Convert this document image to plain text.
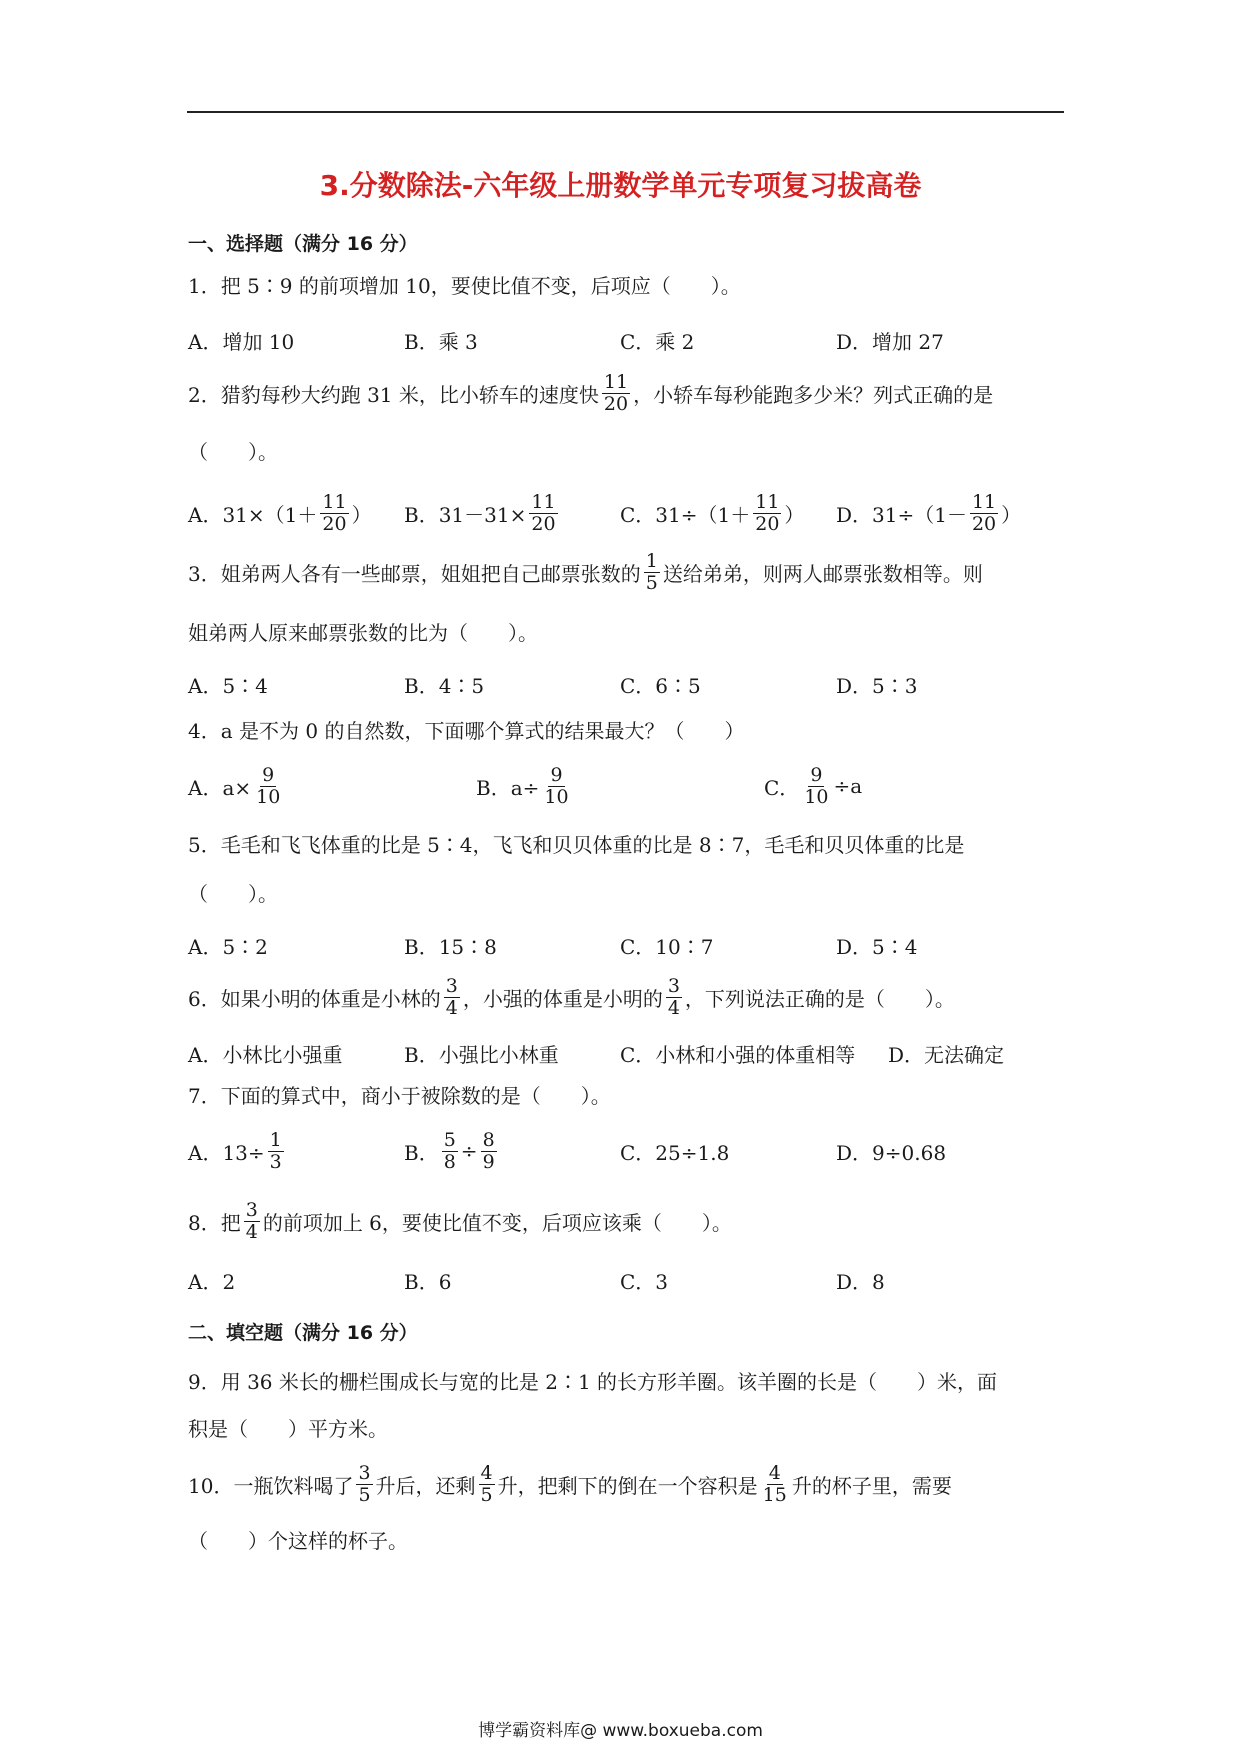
3.分数除法-六年级上册数学单元专项复习拔高卷
一、选择题（满分 16 分）
1．把 5∶9 的前项增加 10，要使比值不变，后项应（　　）。
A．增加 10	B．乘 3	C．乘 2	D．增加 27
2．猎豹每秒大约跑 31 米，比小轿车的速度快 $\frac{11}{20}$ ，小轿车每秒能跑多少米？列式正确的是
（　　）。
A．$31\times(1+ \frac{11}{20}$ ） B．$31-31\times \frac{11}{20}$	C．$31\div(1+ \frac{11}{20}$ ） D．$31\div(1- \frac{11}{20}$ ）
3．姐弟两人各有一些邮票，姐姐把自己邮票张数的 $\frac{1}{5}$ 送给弟弟，则两人邮票张数相等。则
姐弟两人原来邮票张数的比为（　　）。
A．5∶4	B．4∶5	C．6∶5	D．5∶3
4．a 是不为 0 的自然数，下面哪个算式的结果最大？（　　）
A．$a\times \frac{9}{10}$	B．$a\div \frac{9}{10}$	C． $\frac{9}{10} \div a$
5．毛毛和飞飞体重的比是 5∶4，飞飞和贝贝体重的比是 8∶7，毛毛和贝贝体重的比是
（　　）。
A．5∶2	B．15∶8	C．10∶7	D．5∶4
6．如果小明的体重是小林的 $\frac{3}{4}$ ，小强的体重是小明的 $\frac{3}{4}$ ，下列说法正确的是（　　）。
A．小林比小强重	B．小强比小林重	C．小林和小强的体重相等 D．无法确定
7．下面的算式中，商小于被除数的是（　　）。
A．$13\div \frac{1}{3}$	B． $\frac{5}{8} \div \frac{8}{9}$	C．25÷1.8	D．9÷0.68
8．把 $\frac{3}{4}$ 的前项加上 6，要使比值不变，后项应该乘（　　）。
A．2	B．6	C．3	D．8
二、填空题（满分 16 分）
9．用 36 米长的栅栏围成长与宽的比是 2∶1 的长方形羊圈。该羊圈的长是（　　）米，面
积是（　　）平方米。
10．一瓶饮料喝了 $\frac{3}{5}$ 升后，还剩 $\frac{4}{5}$ 升，把剩下的倒在一个容积是 $\frac{4}{15}$ 升的杯子里，需要
（　　）个这样的杯子。
博学霸资料库@ www.boxueba.com
